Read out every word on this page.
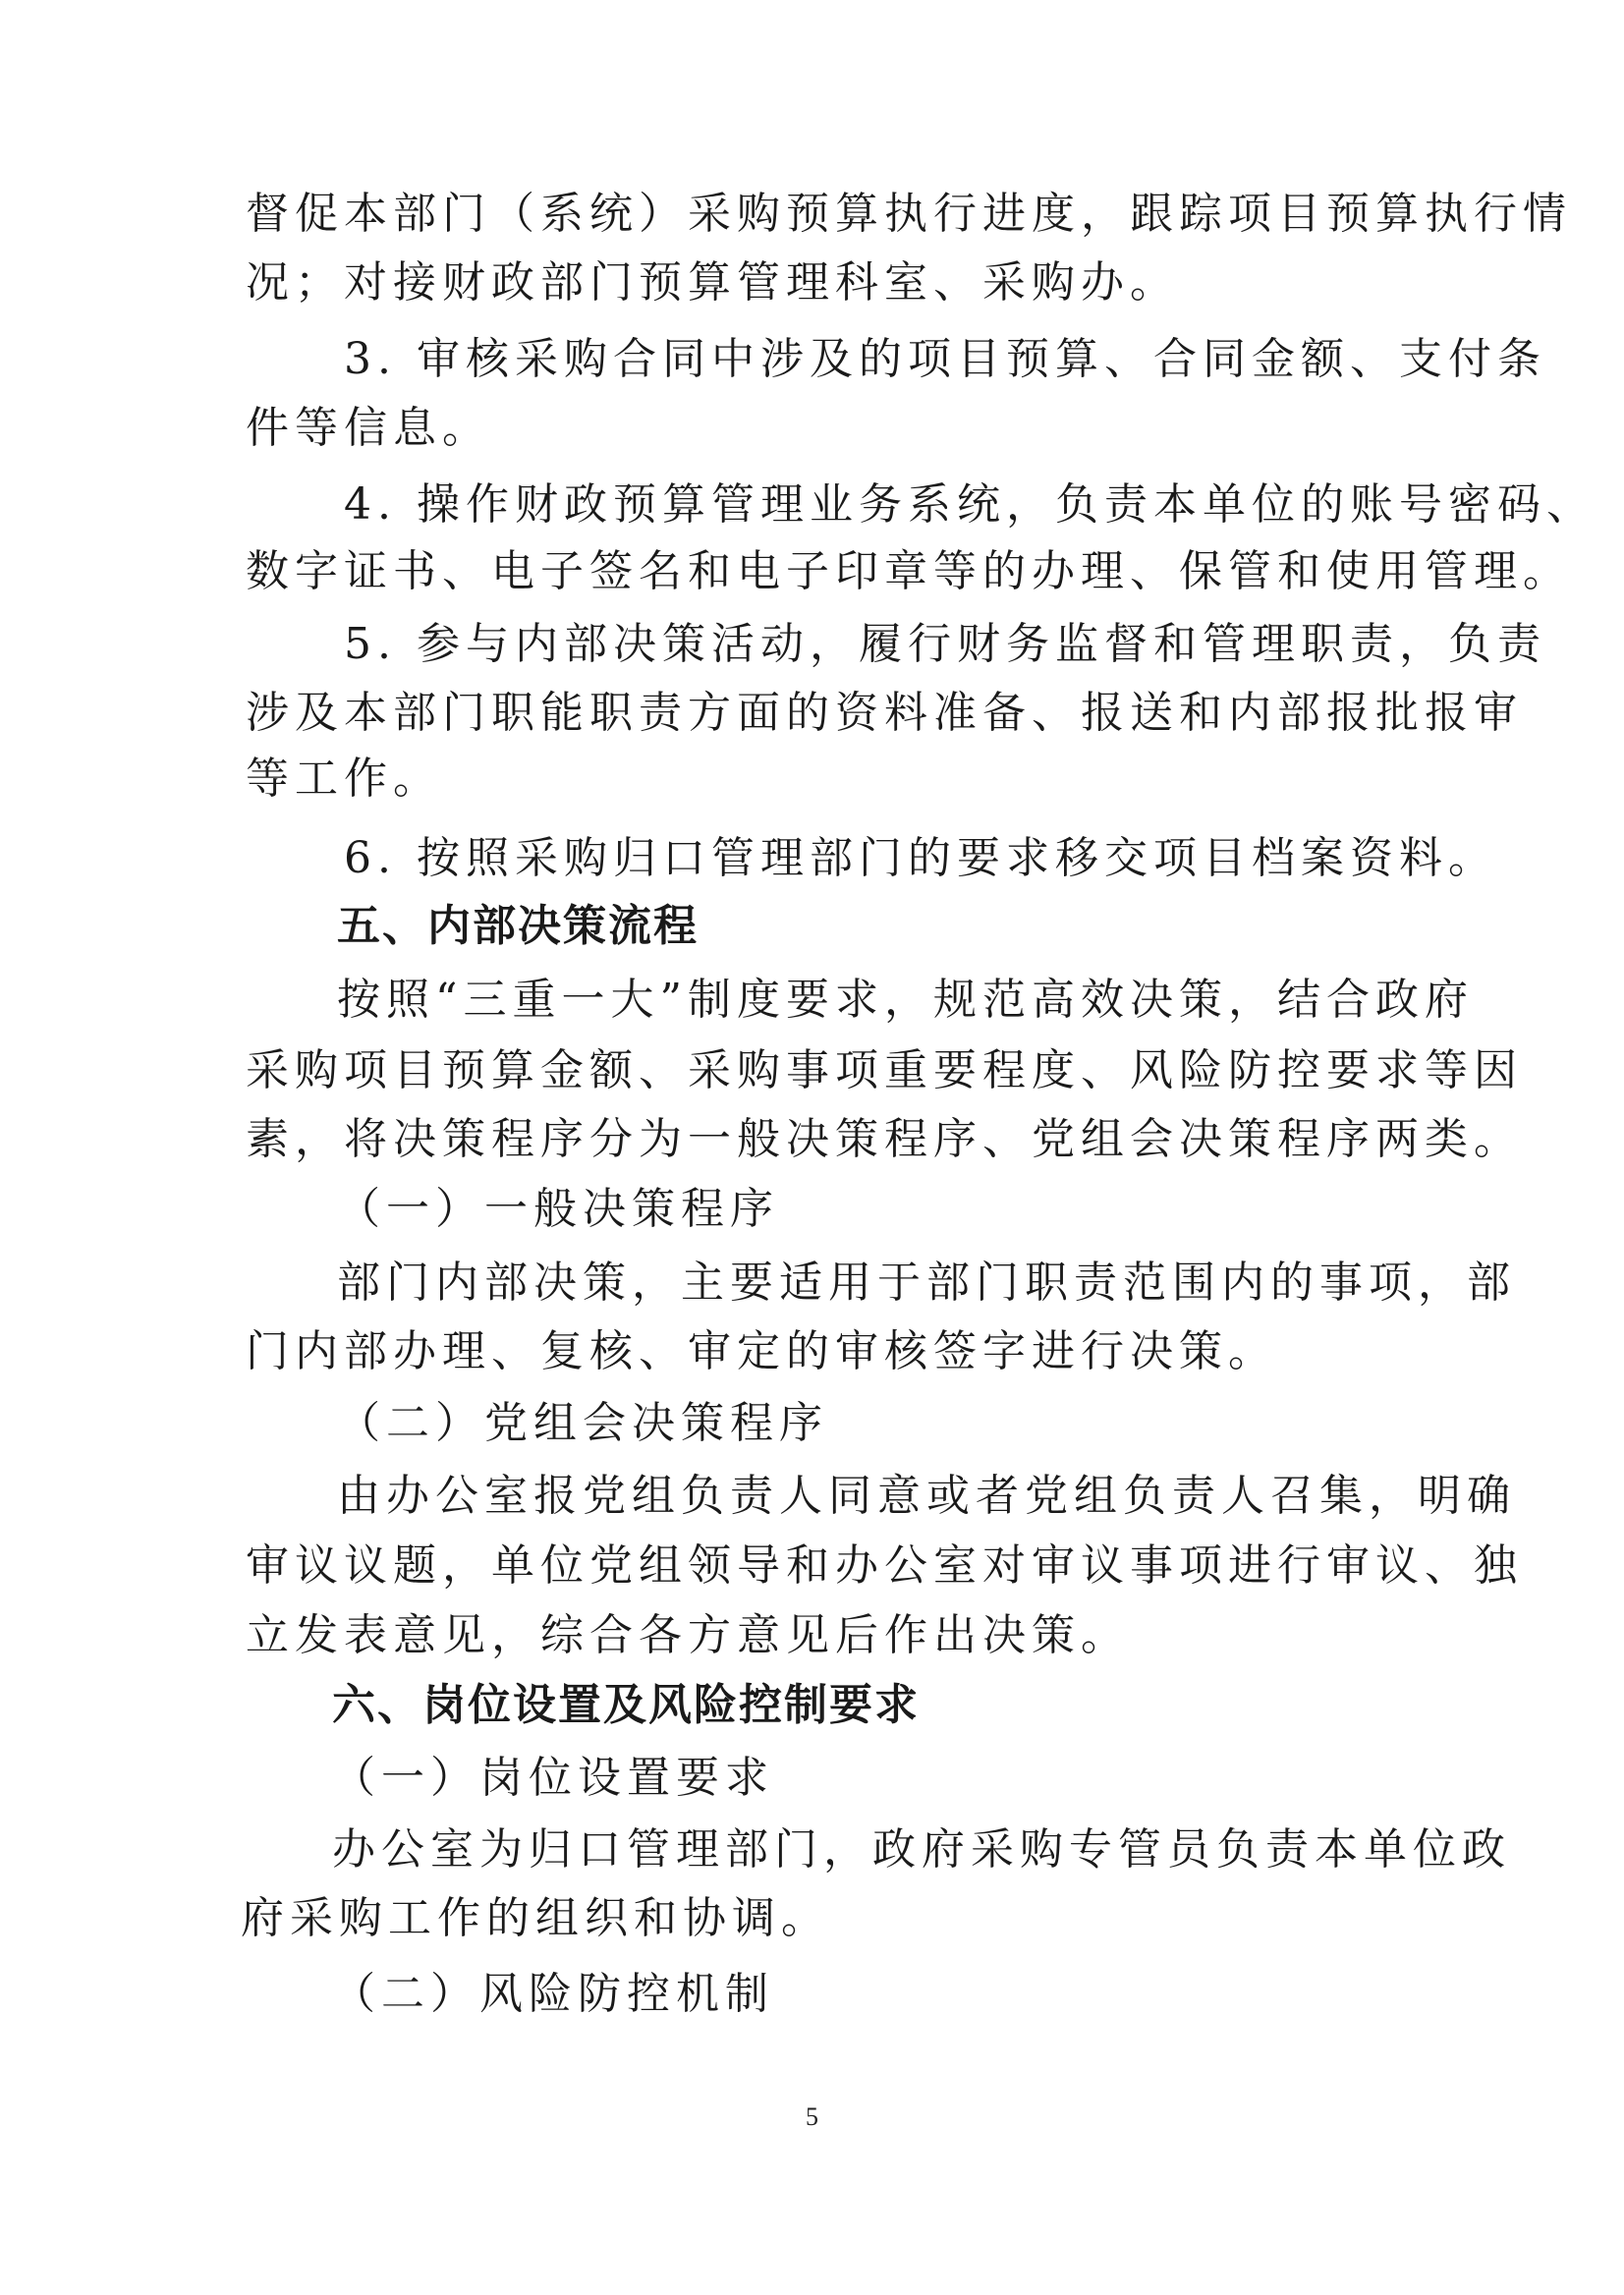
督促本部门（系统）采购预算执行进度，跟踪项目预算执行情
况；对接财政部门预算管理科室、采购办。
3. 审核采购合同中涉及的项目预算、合同金额、支付条
件等信息。
4. 操作财政预算管理业务系统，负责本单位的账号密码、
数字证书、电子签名和电子印章等的办理、保管和使用管理。
5. 参与内部决策活动，履行财务监督和管理职责，负责
涉及本部门职能职责方面的资料准备、报送和内部报批报审
等工作。
6. 按照采购归口管理部门的要求移交项目档案资料。
五、内部决策流程
按照“三重一大”制度要求，规范高效决策，结合政府
采购项目预算金额、采购事项重要程度、风险防控要求等因
素，将决策程序分为一般决策程序、党组会决策程序两类。
（一）一般决策程序
部门内部决策，主要适用于部门职责范围内的事项，部
门内部办理、复核、审定的审核签字进行决策。
（二）党组会决策程序
由办公室报党组负责人同意或者党组负责人召集，明确
审议议题，单位党组领导和办公室对审议事项进行审议、独
立发表意见，综合各方意见后作出决策。
六、岗位设置及风险控制要求
（一）岗位设置要求
办公室为归口管理部门，政府采购专管员负责本单位政
府采购工作的组织和协调。
（二）风险防控机制
5
